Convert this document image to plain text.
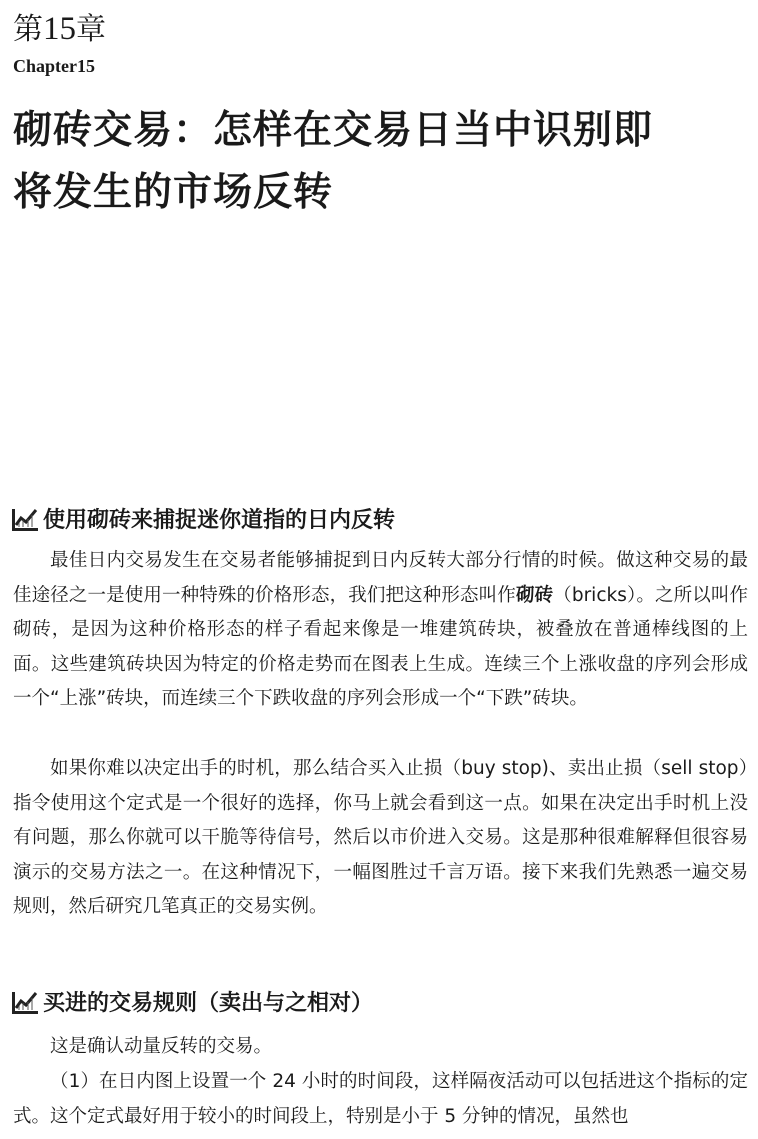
第15章
Chapter15
砌砖交易：怎样在交易日当中识别即
将发生的市场反转
使用砌砖来捕捉迷你道指的日内反转

最佳日内交易发生在交易者能够捕捉到日内反转大部分行情的时候。做这种交易的最佳途径之一是使用一种特殊的价格形态，我们把这种形态叫作砌砖（bricks）。之所以叫作砌砖，是因为这种价格形态的样子看起来像是一堆建筑砖块，被叠放在普通棒线图的上面。这些建筑砖块因为特定的价格走势而在图表上生成。连续三个上涨收盘的序列会形成一个“上涨”砖块，而连续三个下跌收盘的序列会形成一个“下跌”砖块。

如果你难以决定出手的时机，那么结合买入止损（buy stop)、卖出止损（sell stop）指令使用这个定式是一个很好的选择，你马上就会看到这一点。如果在决定出手时机上没有问题，那么你就可以干脆等待信号，然后以市价进入交易。这是那种很难解释但很容易演示的交易方法之一。在这种情况下，一幅图胜过千言万语。接下来我们先熟悉一遍交易规则，然后研究几笔真正的交易实例。

买进的交易规则（卖出与之相对）

这是确认动量反转的交易。

（1）在日内图上设置一个 24 小时的时间段，这样隔夜活动可以包括进这个指标的定式。这个定式最好用于较小的时间段上，特别是小于 5 分钟的情况，虽然也
